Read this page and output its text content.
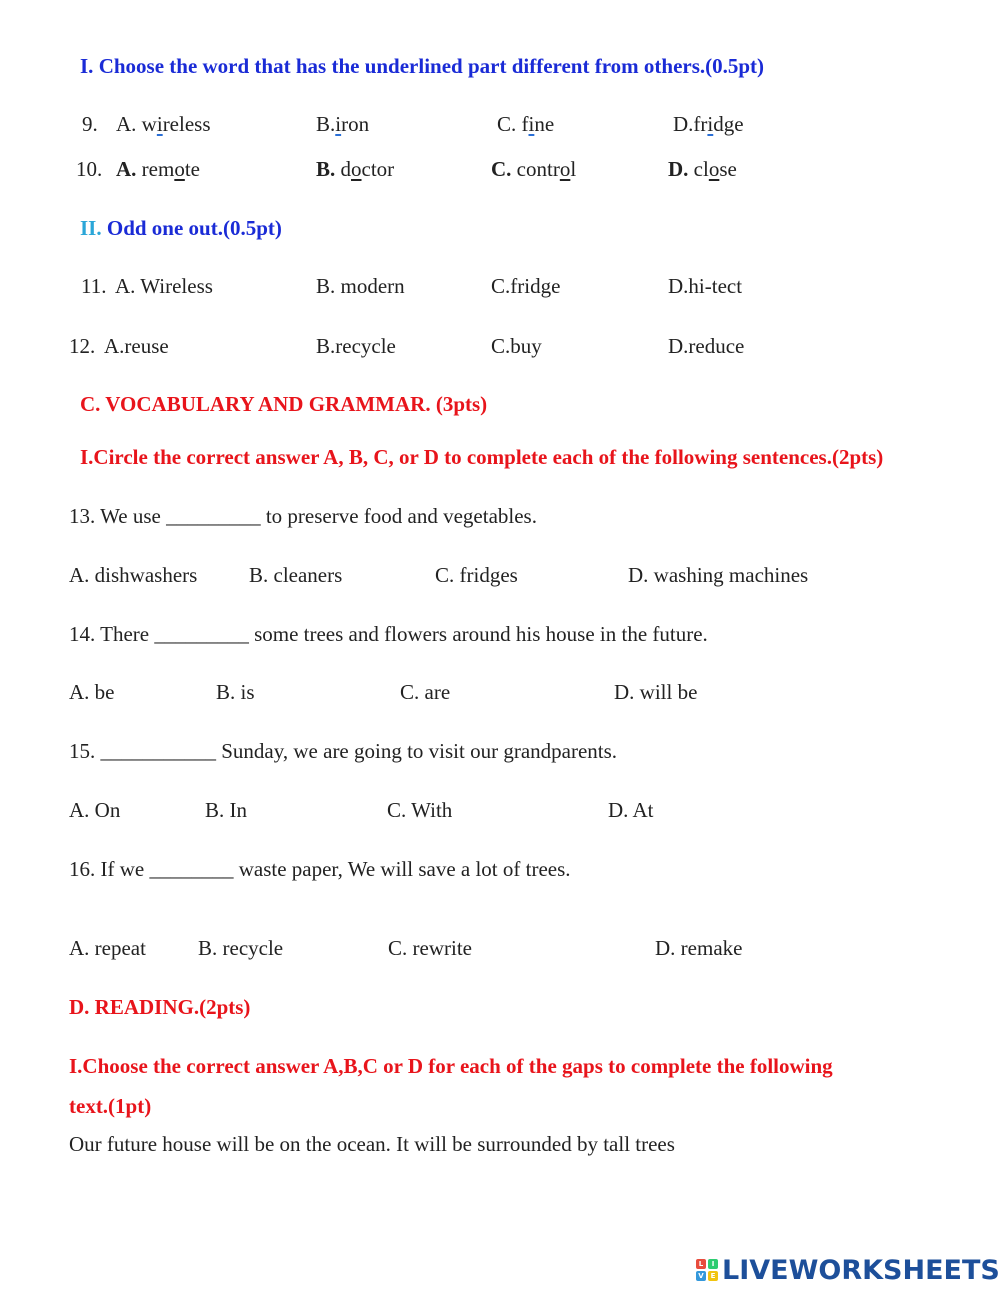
I. Choose the word that has the underlined part different from others.(0.5pt)
9. A. wireless	B.iron	C. fine	D.fridge
10. A. remote	B. doctor	C. control	D. close
II. Odd one out.(0.5pt)
11. A. Wireless	B. modern	C.fridge	D.hi-tect
12. A.reuse	B.recycle	C.buy	D.reduce
C. VOCABULARY AND GRAMMAR. (3pts)
I.Circle the correct answer A, B, C, or D to complete each of the following sentences.(2pts)
13. We use _________ to preserve food and vegetables.
A. dishwashers B. cleaners	C. fridges	D. washing machines
14. There _________ some trees and flowers around his house in the future.
A. be	B. is	C. are	D. will be
15. ___________ Sunday, we are going to visit our grandparents.
A. On	B. In	C. With	D. At
16. If we ________ waste paper, We will save a lot of trees.
A. repeat B. recycle	C. rewrite	D. remake
D. READING.(2pts)
I.Choose the correct answer A,B,C or D for each of the gaps to complete the following
text.(1pt)
Our future house will be on the ocean. It will be surrounded by tall trees
L	I
V E LIVEWORKSHEETS
